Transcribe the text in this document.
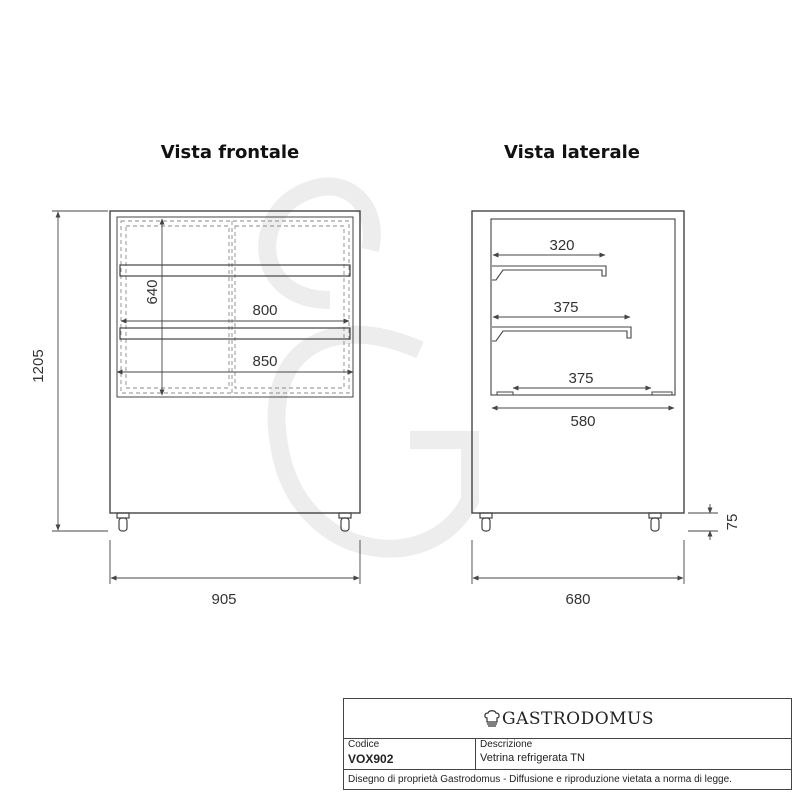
1205
905
640
800
850
320
375
375
580
680
75
Vista frontale	Vista laterale
GASTRODOMUS
Codice
VOX902
Descrizione
Vetrina refrigerata TN
Disegno di proprietà Gastrodomus - Diffusione e riproduzione vietata a norma di legge.
